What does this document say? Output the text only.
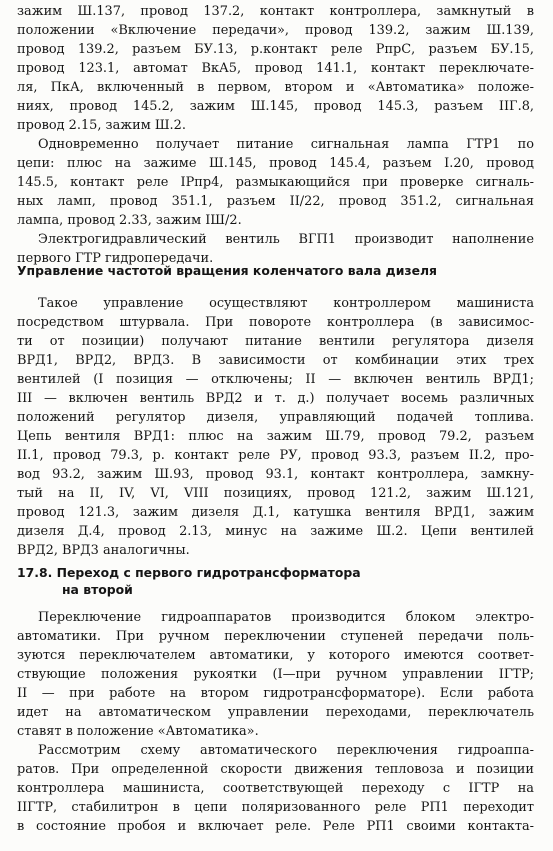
зажим Ш.137, провод 137.2, контакт контроллера, замкнутый в
положении «Включение передачи», провод 139.2, зажим Ш.139,
провод 139.2, разъем БУ.13, р.контакт реле РпрС, разъем БУ.15,
провод 123.1, автомат ВкА5, провод 141.1, контакт переключате-
ля, ПкА, включенный в первом, втором и «Автоматика» положе-
ниях, провод 145.2, зажим Ш.145, провод 145.3, разъем IIГ.8,
провод 2.15, зажим Ш.2.
Одновременно получает питание сигнальная лампа ГТР1 по
цепи: плюс на зажиме Ш.145, провод 145.4, разъем I.20, провод
145.5, контакт реле IРпр4, размыкающийся при проверке сигналь-
ных ламп, провод 351.1, разъем II/22, провод 351.2, сигнальная
лампа, провод 2.33, зажим IШ/2.
Электрогидравлический вентиль ВГП1 производит наполнение
первого ГТР гидропередачи.
Управление частотой вращения коленчатого вала дизеля
Такое управление осуществляют контроллером машиниста
посредством штурвала. При повороте контроллера (в зависимос-
ти от позиции) получают питание вентили регулятора дизеля
ВРД1, ВРД2, ВРД3. В зависимости от комбинации этих трех
вентилей (I позиция — отключены; II — включен вентиль ВРД1;
III — включен вентиль ВРД2 и т. д.) получает восемь различных
положений регулятор дизеля, управляющий подачей топлива.
Цепь вентиля ВРД1: плюс на зажим Ш.79, провод 79.2, разъем
II.1, провод 79.3, р. контакт реле РУ, провод 93.3, разъем II.2, про-
вод 93.2, зажим Ш.93, провод 93.1, контакт контроллера, замкну-
тый на II, IV, VI, VIII позициях, провод 121.2, зажим Ш.121,
провод 121.3, зажим дизеля Д.1, катушка вентиля ВРД1, зажим
дизеля Д.4, провод 2.13, минус на зажиме Ш.2. Цепи вентилей
ВРД2, ВРД3 аналогичны.
17.8. Переход с первого гидротрансформатора
на второй
Переключение гидроаппаратов производится блоком электро-
автоматики. При ручном переключении ступеней передачи поль-
зуются переключателем автоматики, у которого имеются соответ-
ствующие положения рукоятки (I—при ручном управлении IГТР;
II — при работе на втором гидротрансформаторе). Если работа
идет на автоматическом управлении переходами, переключатель
ставят в положение «Автоматика».
Рассмотрим схему автоматического переключения гидроаппа-
ратов. При определенной скорости движения тепловоза и позиции
контроллера машиниста, соответствующей переходу с IГТР на
IIГТР, стабилитрон в цепи поляризованного реле РП1 переходит
в состояние пробоя и включает реле. Реле РП1 своими контакта-
